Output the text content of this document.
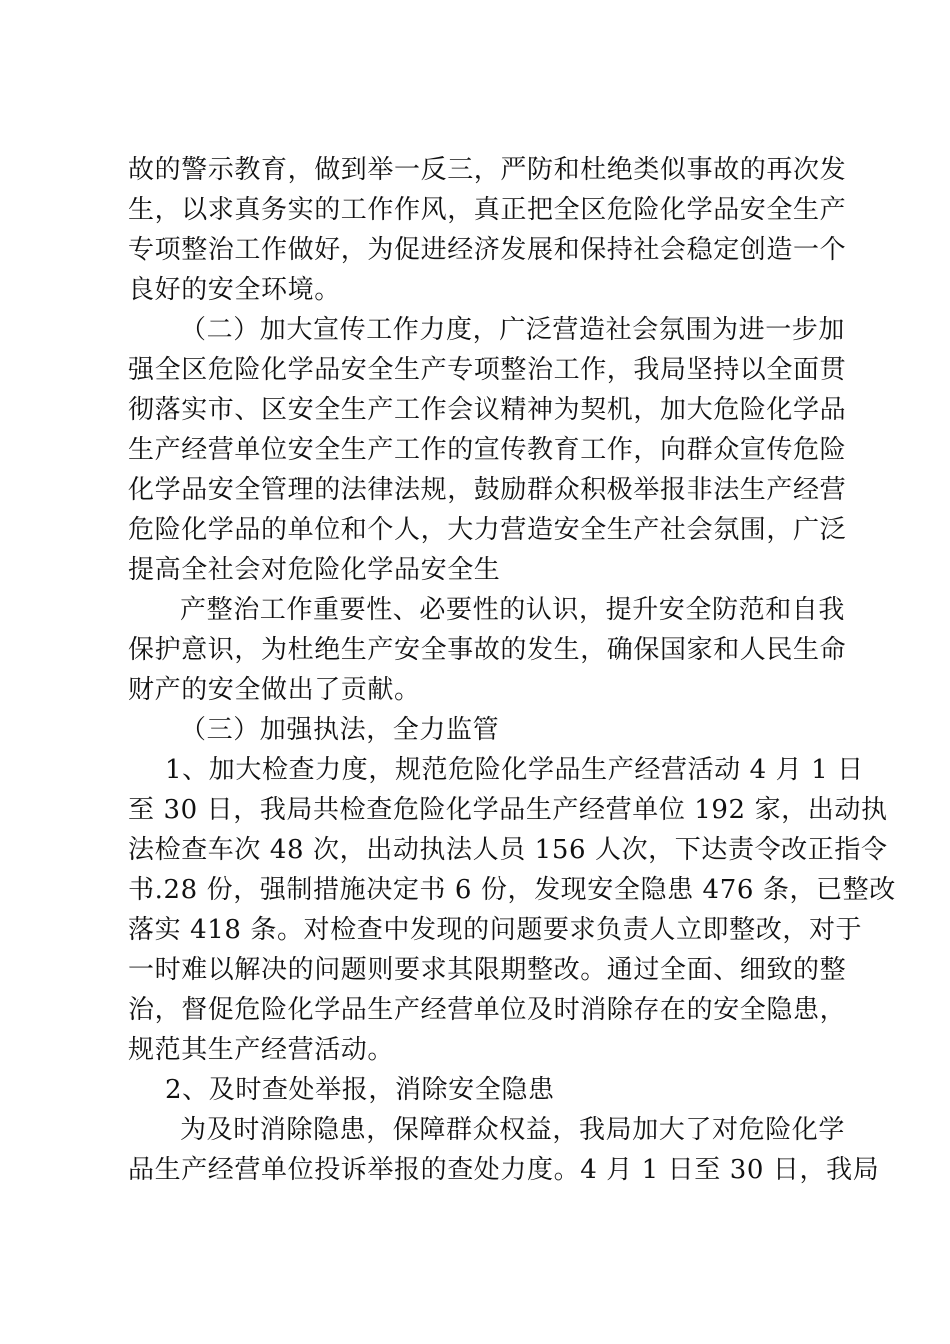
故的警示教育，做到举一反三，严防和杜绝类似事故的再次发
生，以求真务实的工作作风，真正把全区危险化学品安全生产
专项整治工作做好，为促进经济发展和保持社会稳定创造一个
良好的安全环境。
（二）加大宣传工作力度，广泛营造社会氛围为进一步加
强全区危险化学品安全生产专项整治工作，我局坚持以全面贯
彻落实市、区安全生产工作会议精神为契机，加大危险化学品
生产经营单位安全生产工作的宣传教育工作，向群众宣传危险
化学品安全管理的法律法规，鼓励群众积极举报非法生产经营
危险化学品的单位和个人，大力营造安全生产社会氛围，广泛
提高全社会对危险化学品安全生
产整治工作重要性、必要性的认识，提升安全防范和自我
保护意识，为杜绝生产安全事故的发生，确保国家和人民生命
财产的安全做出了贡献。
（三）加强执法，全力监管
1、加大检查力度，规范危险化学品生产经营活动 4 月 1 日
至 30 日，我局共检查危险化学品生产经营单位 192 家，出动执
法检查车次 48 次，出动执法人员 156 人次，下达责令改正指令
书.28 份，强制措施决定书 6 份，发现安全隐患 476 条，已整改
落实 418 条。对检查中发现的问题要求负责人立即整改，对于
一时难以解决的问题则要求其限期整改。通过全面、细致的整
治，督促危险化学品生产经营单位及时消除存在的安全隐患，
规范其生产经营活动。
2、及时查处举报，消除安全隐患
为及时消除隐患，保障群众权益，我局加大了对危险化学
品生产经营单位投诉举报的查处力度。4 月 1 日至 30 日，我局
